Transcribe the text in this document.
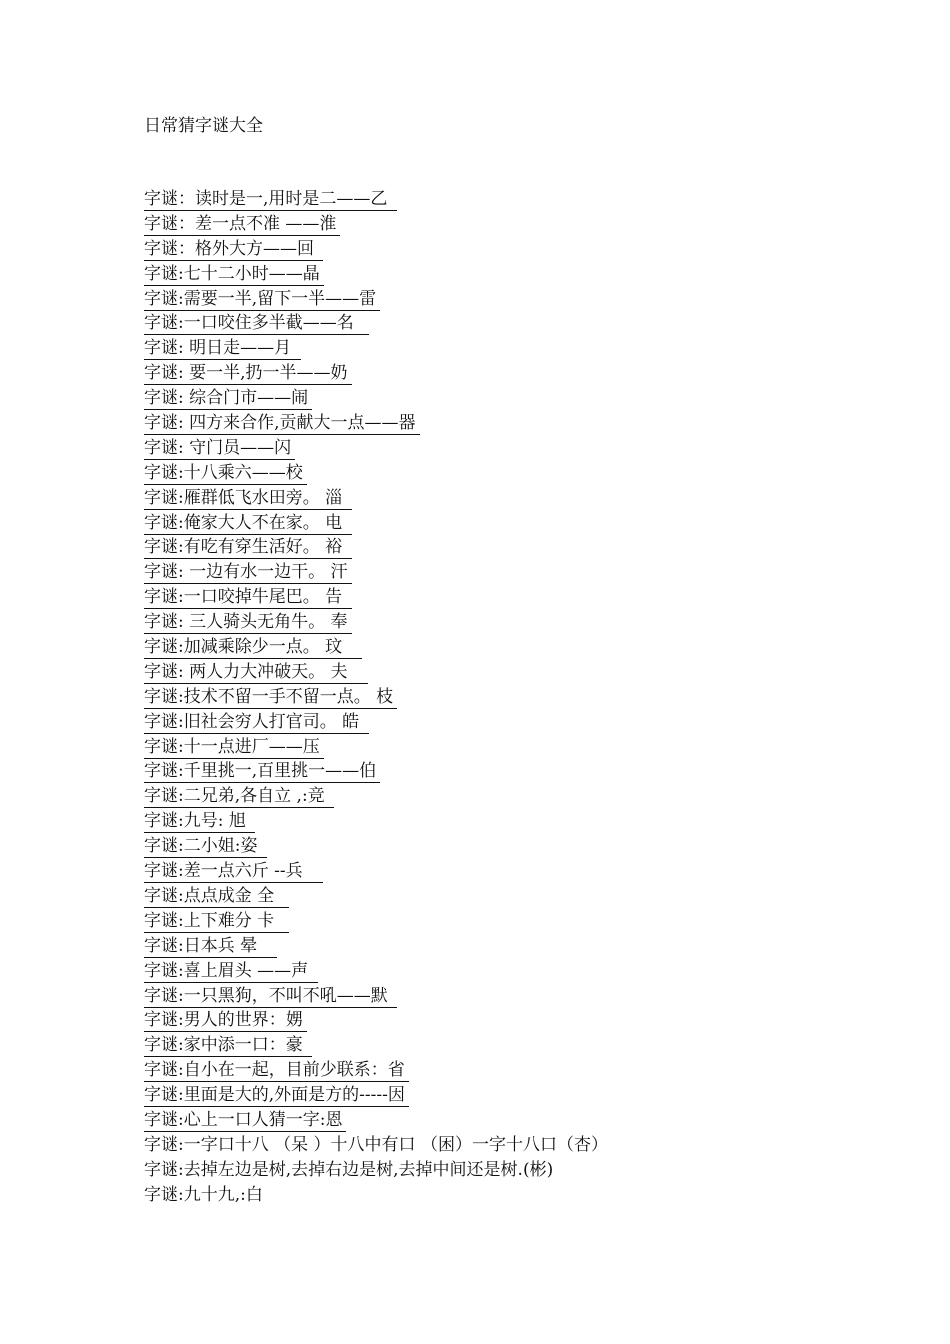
日常猜字谜大全
字谜：读时是一,用时是二——乙
字谜：差一点不准 ——淮
字谜：格外大方——回
字谜:七十二小时——晶
字谜:需要一半,留下一半——雷
字谜:一口咬住多半截——名
字谜: 明日走——月
字谜: 要一半,扔一半——奶
字谜: 综合门市——闹
字谜: 四方来合作,贡献大一点——器
字谜: 守门员——闪
字谜:十八乘六——校
字谜:雁群低飞水田旁。 淄
字谜:俺家大人不在家。 电
字谜:有吃有穿生活好。 裕
字谜: 一边有水一边干。 汗
字谜:一口咬掉牛尾巴。 告
字谜: 三人骑头无角牛。 奉
字谜:加减乘除少一点。 玟
字谜: 两人力大冲破天。 夫
字谜:技术不留一手不留一点。 枝
字谜:旧社会穷人打官司。 皓
字谜:十一点进厂——压
字谜:千里挑一,百里挑一——伯
字谜:二兄弟,各自立 ,:竞
字谜:九号: 旭
字谜:二小姐:姿
字谜:差一点六斤 --兵
字谜:点点成金 全
字谜:上下难分 卡
字谜:日本兵 晕
字谜:喜上眉头 ——声
字谜:一只黑狗，不叫不吼——默
字谜:男人的世界：娚
字谜:家中添一口：豪
字谜:自小在一起，目前少联系：省
字谜:里面是大的,外面是方的-----因
字谜:心上一口人猜一字:恩
字谜:一字口十八 （呆 ）十八中有口 （困）一字十八口（杏）
字谜:去掉左边是树,去掉右边是树,去掉中间还是树.(彬)
字谜:九十九,:白
